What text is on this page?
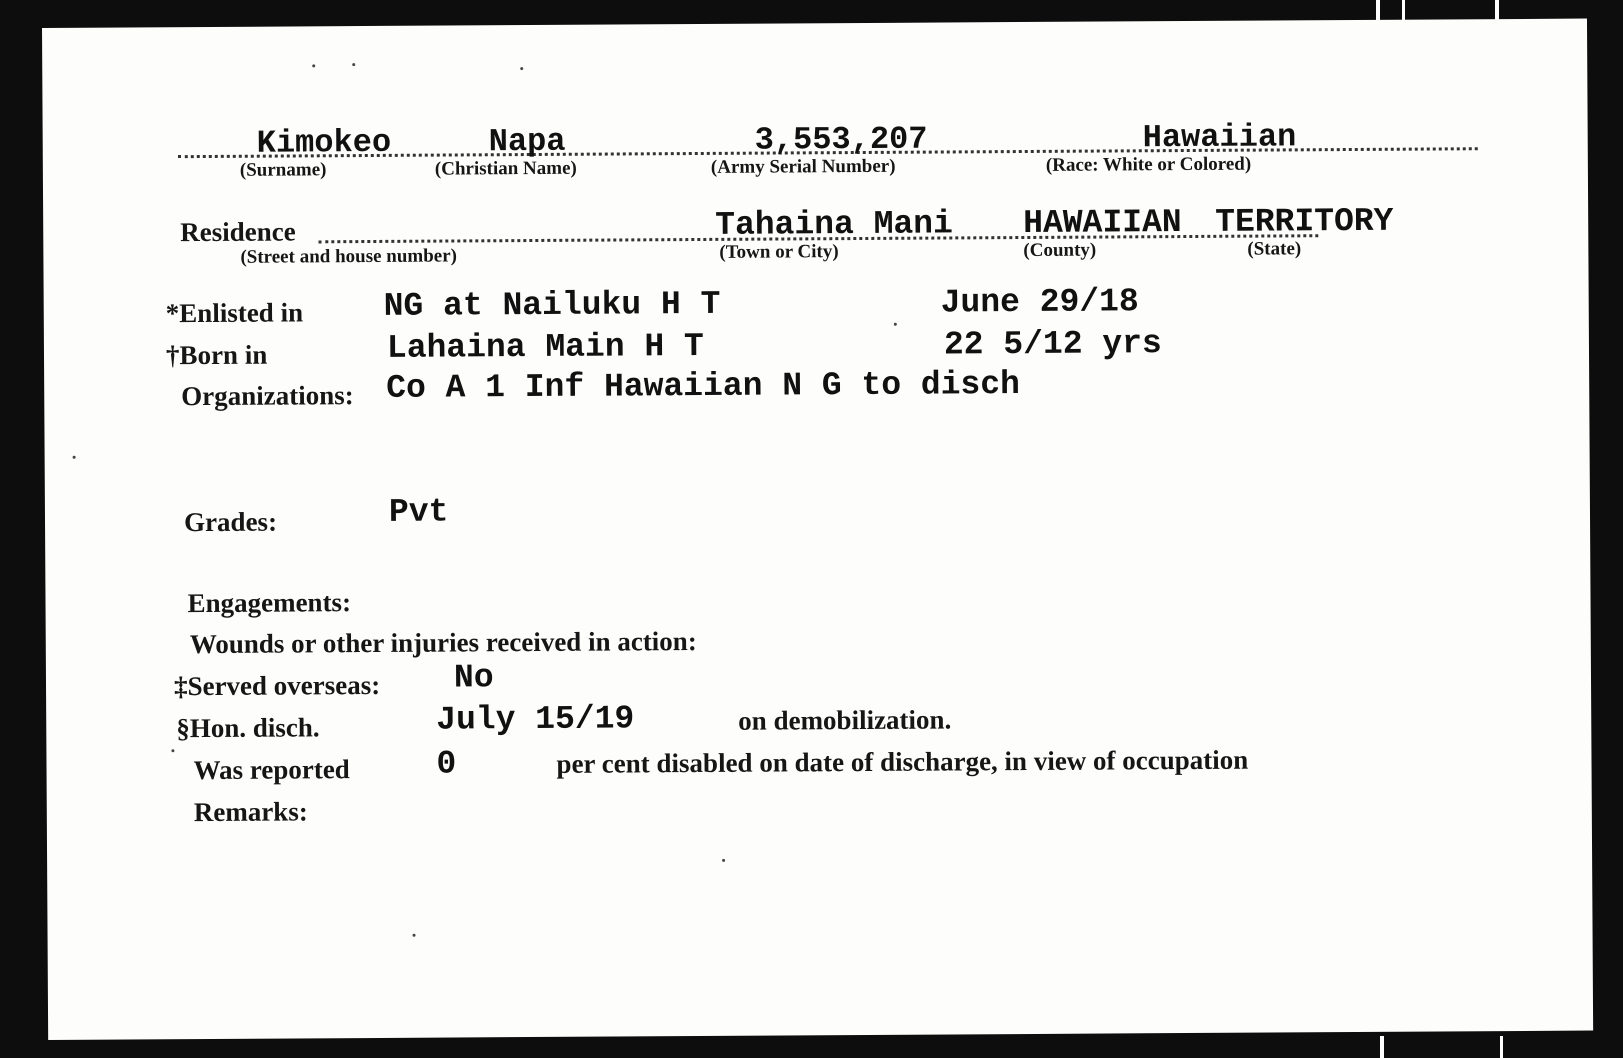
Kimokeo
(Surname)
Napa
(Christian Name)
3,553,207
(Army Serial Number)
Hawaiian
(Race: White or Colored)
Residence
(Street and house number)
Tahaina Mani
(Town or City)
HAWAIIAN
(County)
TERRITORY
(State)
*Enlisted in NG at Nailuku H T	June 29/18
†Born in	Lahaina Main H T	22 5/12 yrs
Organizations: Co A 1 Inf Hawaiian N G to disch
Grades:	Pvt
Engagements:
Wounds or other injuries received in action:
‡Served overseas: No
§Hon. disch.	July 15/19	on demobilization.
Was reported	0	per cent disabled on date of discharge, in view of occupation
Remarks:
